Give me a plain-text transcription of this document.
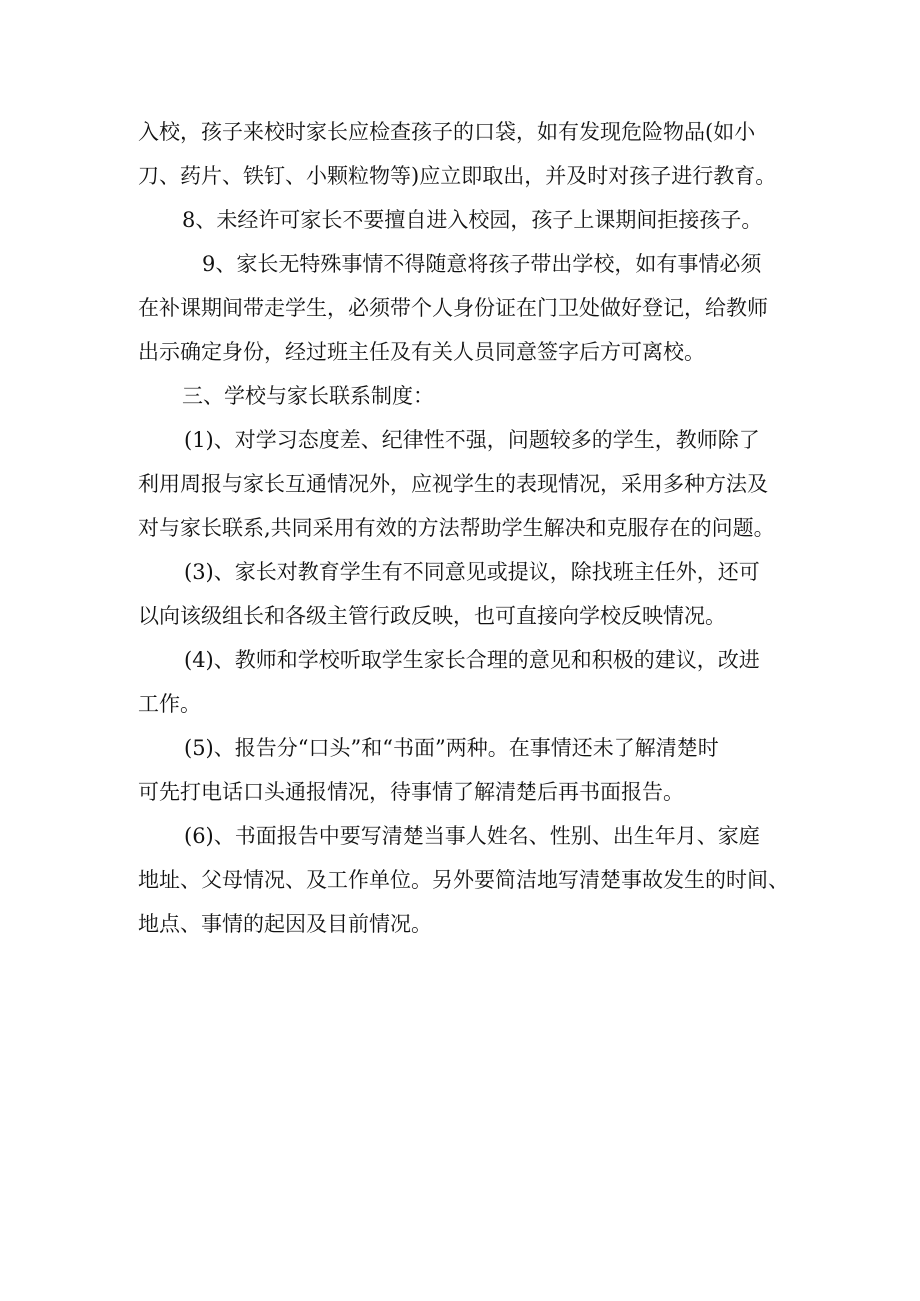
入校，孩子来校时家长应检查孩子的口袋，如有发现危险物品(如小

刀、药片、铁钉、小颗粒物等)应立即取出，并及时对孩子进行教育。

8、未经许可家长不要擅自进入校园，孩子上课期间拒接孩子。

9、家长无特殊事情不得随意将孩子带出学校，如有事情必须

在补课期间带走学生，必须带个人身份证在门卫处做好登记，给教师

出示确定身份，经过班主任及有关人员同意签字后方可离校。

三、学校与家长联系制度：

(1)、对学习态度差、纪律性不强，问题较多的学生，教师除了

利用周报与家长互通情况外，应视学生的表现情况，采用多种方法及

对与家长联系,共同采用有效的方法帮助学生解决和克服存在的问题。

(3)、家长对教育学生有不同意见或提议，除找班主任外，还可

以向该级组长和各级主管行政反映，也可直接向学校反映情况。

(4)、教师和学校听取学生家长合理的意见和积极的建议，改进

工作。

(5)、报告分“口头”和“书面”两种。在事情还未了解清楚时

可先打电话口头通报情况，待事情了解清楚后再书面报告。

(6)、书面报告中要写清楚当事人姓名、性别、出生年月、家庭

地址、父母情况、及工作单位。另外要简洁地写清楚事故发生的时间、

地点、事情的起因及目前情况。
